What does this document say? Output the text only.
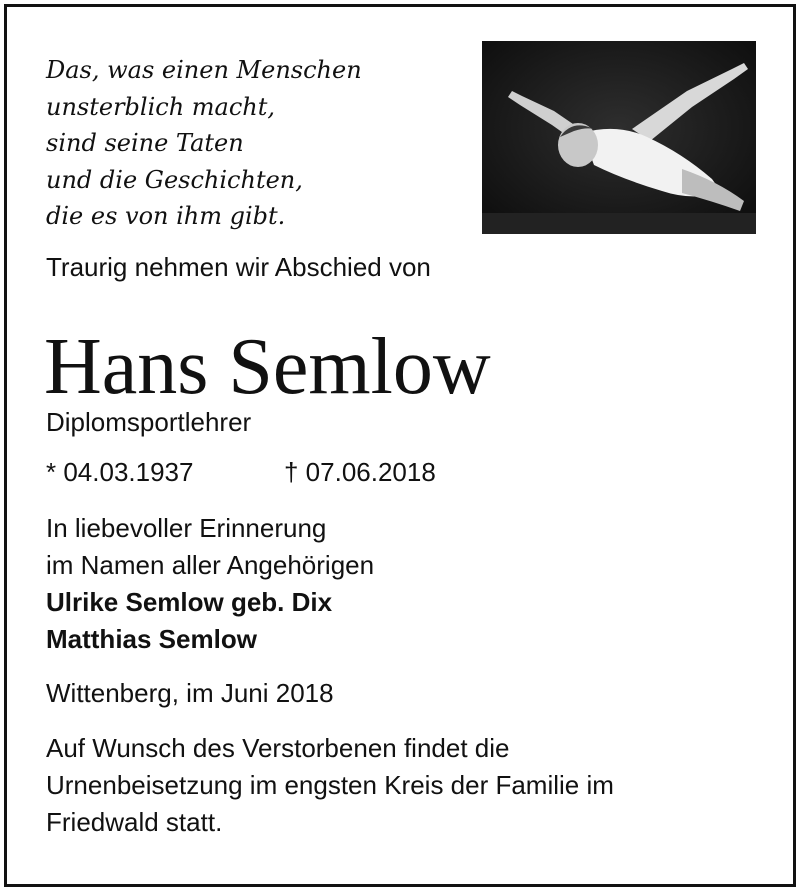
Das, was einen Menschen
unsterblich macht,
sind seine Taten
und die Geschichten,
die es von ihm gibt.
Traurig nehmen wir Abschied von
Hans Semlow
Diplomsportlehrer
* 04.03.1937	† 07.06.2018
In liebevoller Erinnerung
im Namen aller Angehörigen
Ulrike Semlow geb. Dix
Matthias Semlow
Wittenberg, im Juni 2018
Auf Wunsch des Verstorbenen findet die
Urnenbeisetzung im engsten Kreis der Familie im
Friedwald statt.
